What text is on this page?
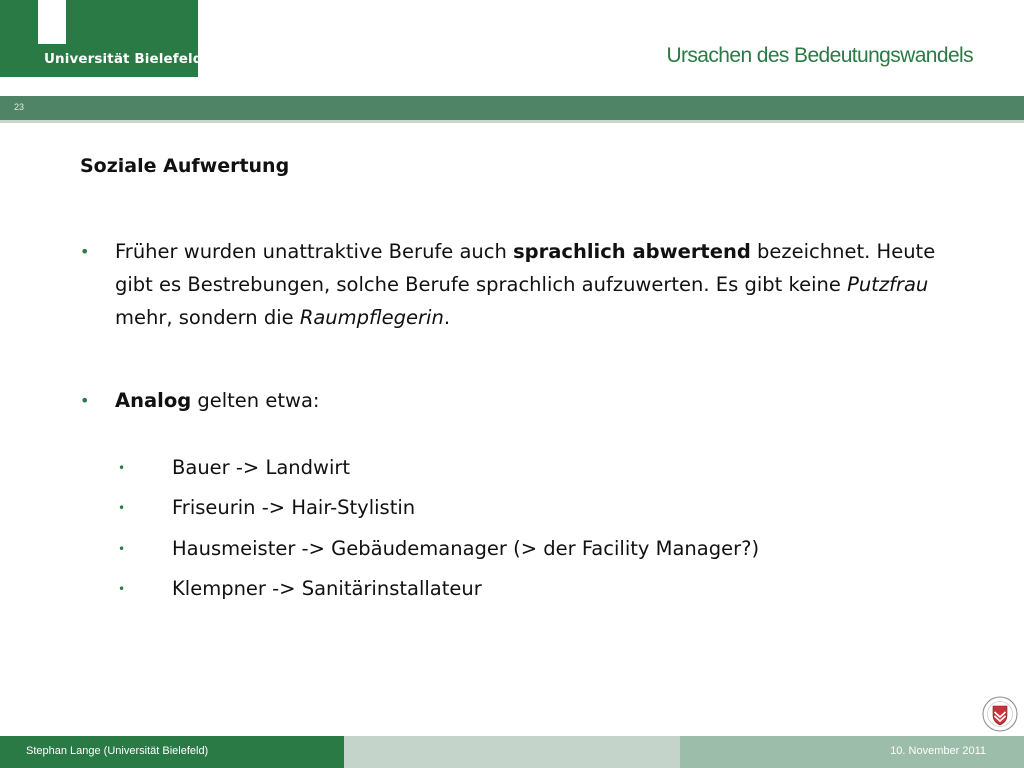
Universität Bielefeld	Ursachen des Bedeutungswandels
23
Soziale Aufwertung
• Früher wurden unattraktive Berufe auch sprachlich abwertend bezeichnet. Heute gibt es Bestrebungen, solche Berufe sprachlich aufzuwerten. Es gibt keine Putzfrau mehr, sondern die Raumpflegerin.
• Analog gelten etwa:
• Bauer -> Landwirt
• Friseurin -> Hair-Stylistin
• Hausmeister -> Gebäudemanager (> der Facility Manager?)
• Klempner -> Sanitärinstallateur
Stephan Lange (Universität Bielefeld)	10. November 2011
